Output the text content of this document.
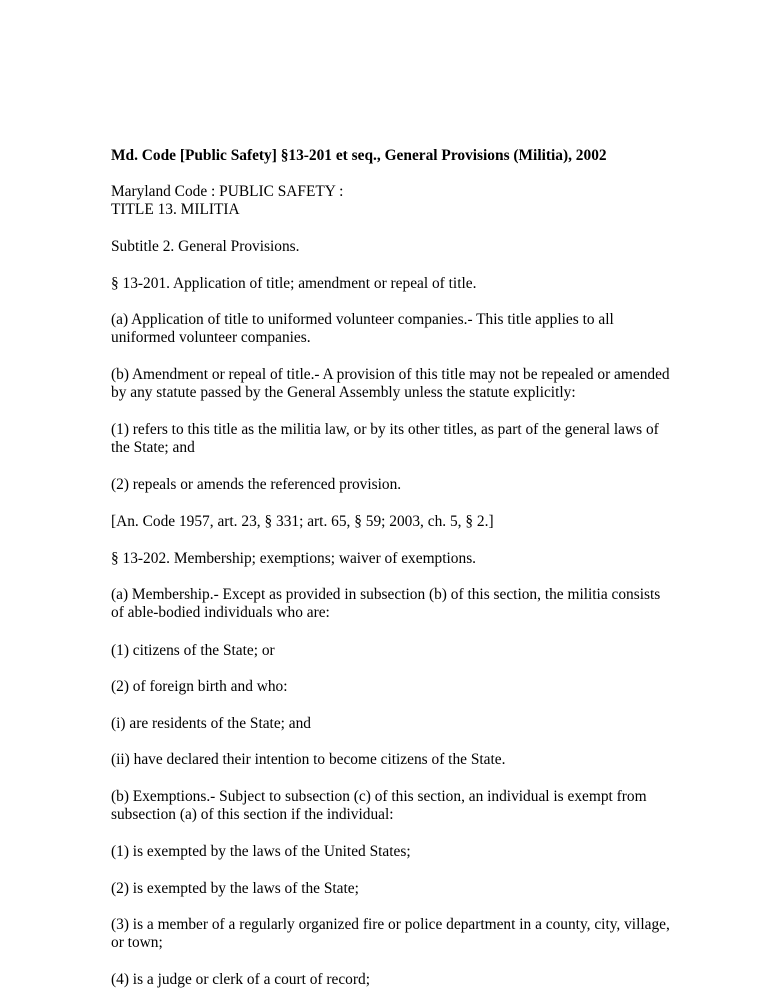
Md. Code [Public Safety] §13-201 et seq., General Provisions (Militia), 2002
Maryland Code : PUBLIC SAFETY :
TITLE 13. MILITIA
Subtitle 2. General Provisions.
§ 13-201. Application of title; amendment or repeal of title.
(a) Application of title to uniformed volunteer companies.- This title applies to all uniformed volunteer companies.
(b) Amendment or repeal of title.- A provision of this title may not be repealed or amended by any statute passed by the General Assembly unless the statute explicitly:
(1) refers to this title as the militia law, or by its other titles, as part of the general laws of the State; and
(2) repeals or amends the referenced provision.
[An. Code 1957, art. 23, § 331; art. 65, § 59; 2003, ch. 5, § 2.]
§ 13-202. Membership; exemptions; waiver of exemptions.
(a) Membership.- Except as provided in subsection (b) of this section, the militia consists of able-bodied individuals who are:
(1) citizens of the State; or
(2) of foreign birth and who:
(i) are residents of the State; and
(ii) have declared their intention to become citizens of the State.
(b) Exemptions.- Subject to subsection (c) of this section, an individual is exempt from subsection (a) of this section if the individual:
(1) is exempted by the laws of the United States;
(2) is exempted by the laws of the State;
(3) is a member of a regularly organized fire or police department in a county, city, village, or town;
(4) is a judge or clerk of a court of record;
